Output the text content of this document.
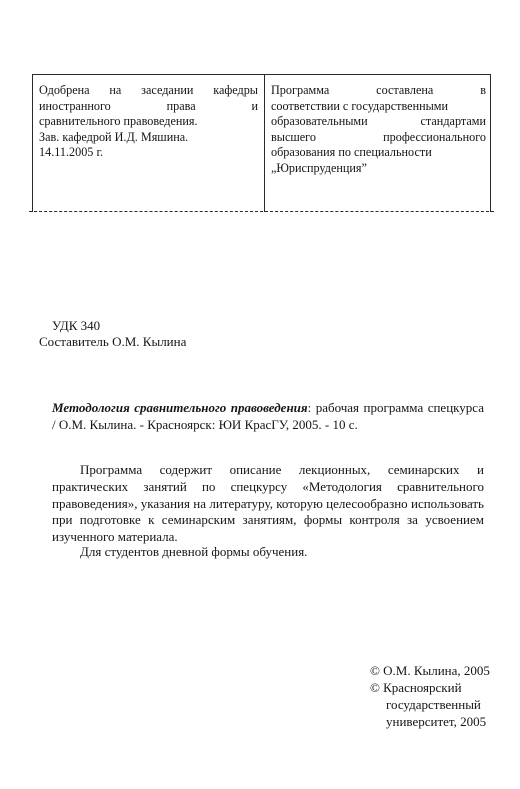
Одобрена на заседании кафедры
иностранного права и
сравнительного правоведения.
Зав. кафедрой И.Д. Мяшина.
14.11.2005 г.
Программа составлена в
соответствии с государственными
образовательными стандартами
высшего профессионального
образования по специальности
„Юриспруденция”
УДК 340
Составитель О.М. Кылина
Методология сравнительного правоведения: рабочая программа спецкурса / О.М. Кылина. - Красноярск: ЮИ КрасГУ, 2005. - 10 с.

Программа содержит описание лекционных, семинарских и практических занятий по спецкурсу «Методология сравнительного правоведения», указания на литературу, которую целесообразно использовать при подготовке к семинарским занятиям, формы контроля за усвоением изученного материала.

Для студентов дневной формы обучения.
© О.М. Кылина, 2005
© Красноярский
государственный
университет, 2005
